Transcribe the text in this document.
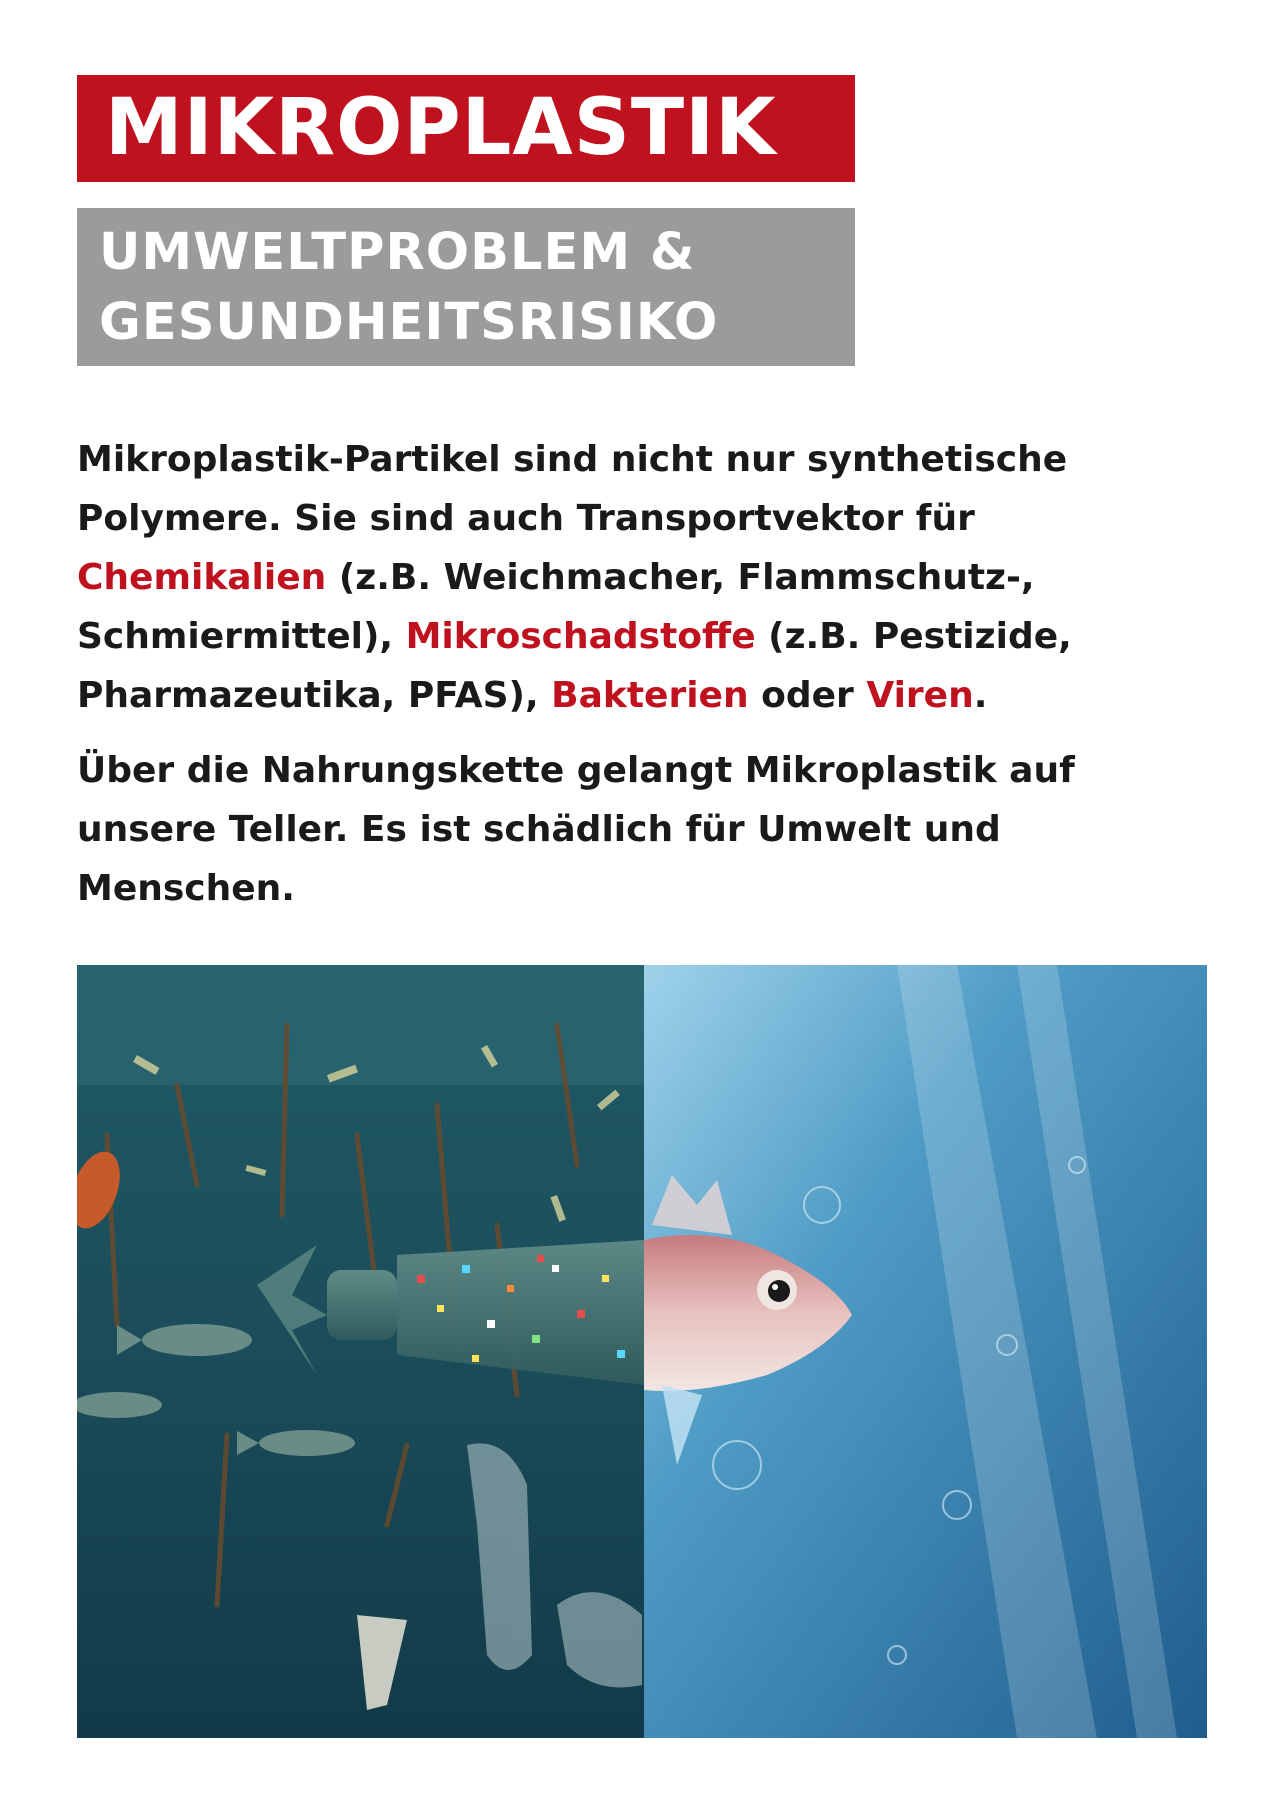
MIKROPLASTIK
UMWELTPROBLEM &
GESUNDHEITSRISIKO

Mikroplastik-Partikel sind nicht nur synthetische Polymere. Sie sind auch Transportvektor für Chemikalien (z.B. Weichmacher, Flammschutz-, Schmiermittel), Mikroschadstoffe (z.B. Pestizide, Pharmazeutika, PFAS), Bakterien oder Viren.

Über die Nahrungskette gelangt Mikroplastik auf unsere Teller. Es ist schädlich für Umwelt und Menschen.
